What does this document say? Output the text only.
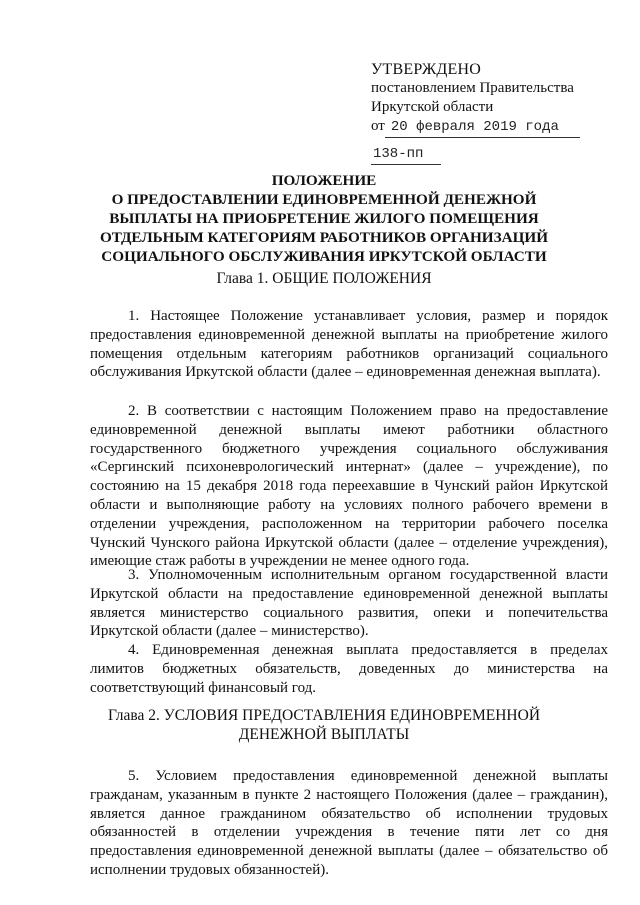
УТВЕРЖДЕНО
постановлением Правительства
Иркутской области
от 20 февраля 2019 года
138-пп
ПОЛОЖЕНИЕ
О ПРЕДОСТАВЛЕНИИ ЕДИНОВРЕМЕННОЙ ДЕНЕЖНОЙ
ВЫПЛАТЫ НА ПРИОБРЕТЕНИЕ ЖИЛОГО ПОМЕЩЕНИЯ
ОТДЕЛЬНЫМ КАТЕГОРИЯМ РАБОТНИКОВ ОРГАНИЗАЦИЙ
СОЦИАЛЬНОГО ОБСЛУЖИВАНИЯ ИРКУТСКОЙ ОБЛАСТИ
Глава 1. ОБЩИЕ ПОЛОЖЕНИЯ

1. Настоящее Положение устанавливает условия, размер и порядок предоставления единовременной денежной выплаты на приобретение жилого помещения отдельным категориям работников организаций социального обслуживания Иркутской области (далее – единовременная денежная выплата).

2. В соответствии с настоящим Положением право на предоставление единовременной денежной выплаты имеют работники областного государственного бюджетного учреждения социального обслуживания «Сергинский психоневрологический интернат» (далее – учреждение), по состоянию на 15 декабря 2018 года переехавшие в Чунский район Иркутской области и выполняющие работу на условиях полного рабочего времени в отделении учреждения, расположенном на территории рабочего поселка Чунский Чунского района Иркутской области (далее – отделение учреждения), имеющие стаж работы в учреждении не менее одного года.

3. Уполномоченным исполнительным органом государственной власти Иркутской области на предоставление единовременной денежной выплаты является министерство социального развития, опеки и попечительства Иркутской области (далее – министерство).

4. Единовременная денежная выплата предоставляется в пределах лимитов бюджетных обязательств, доведенных до министерства на соответствующий финансовый год.

Глава 2. УСЛОВИЯ ПРЕДОСТАВЛЕНИЯ ЕДИНОВРЕМЕННОЙ
ДЕНЕЖНОЙ ВЫПЛАТЫ

5. Условием предоставления единовременной денежной выплаты гражданам, указанным в пункте 2 настоящего Положения (далее – гражданин), является данное гражданином обязательство об исполнении трудовых обязанностей в отделении учреждения в течение пяти лет со дня предоставления единовременной денежной выплаты (далее – обязательство об исполнении трудовых обязанностей).
